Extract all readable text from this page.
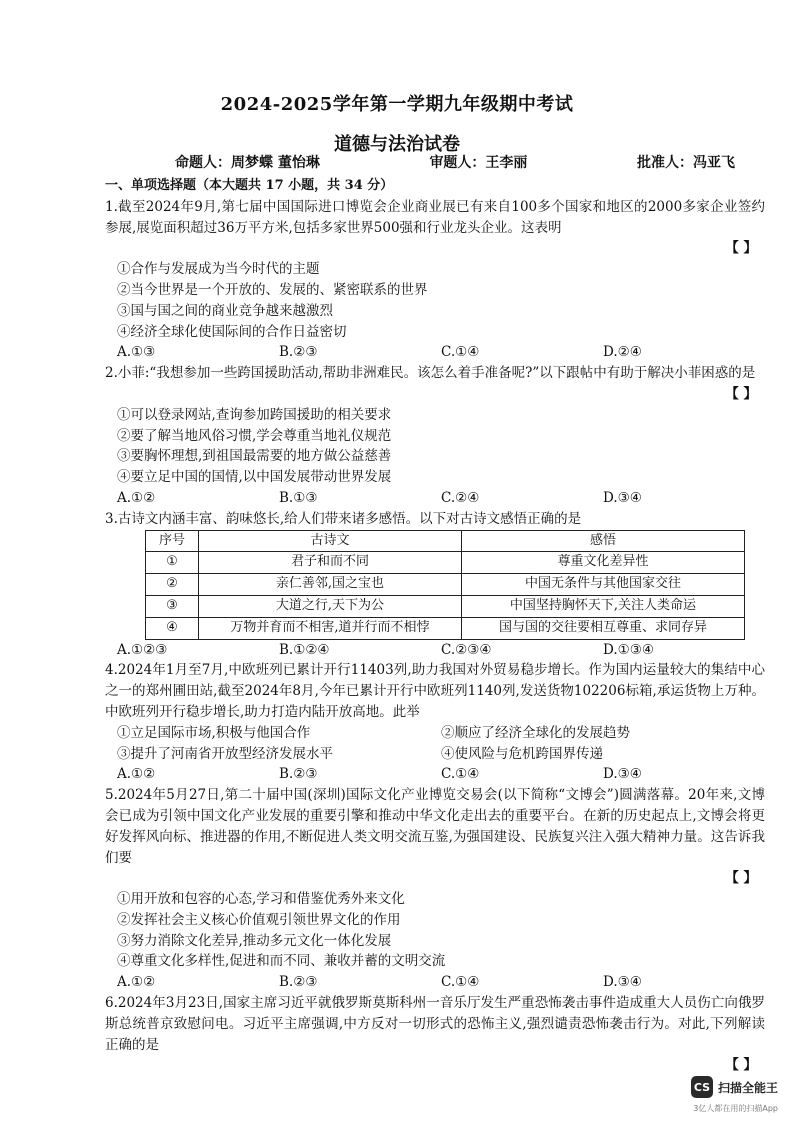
2024-2025学年第一学期九年级期中考试
道德与法治试卷
命题人：周梦蝶 董怡琳	审题人：王李丽	批准人：冯亚飞
一、单项选择题（本大题共 17 小题，共 34 分）
1.截至2024年9月,第七届中国国际进口博览会企业商业展已有来自100多个国家和地区的2000多家企业签约参展,展览面积超过36万平方米,包括多家世界500强和行业龙头企业。这表明
【 】
①合作与发展成为当今时代的主题
②当今世界是一个开放的、发展的、紧密联系的世界
③国与国之间的商业竞争越来越激烈
④经济全球化使国际间的合作日益密切
A.①③	B.②③	C.①④	D.②④
2.小菲:“我想参加一些跨国援助活动,帮助非洲难民。该怎么着手准备呢?”以下跟帖中有助于解决小菲困惑的是
【 】
①可以登录网站,查询参加跨国援助的相关要求
②要了解当地风俗习惯,学会尊重当地礼仪规范
③要胸怀理想,到祖国最需要的地方做公益慈善
④要立足中国的国情,以中国发展带动世界发展
A.①②	B.①③	C.②④	D.③④
3.古诗文内涵丰富、韵味悠长,给人们带来诸多感悟。以下对古诗文感悟正确的是
序号	古诗文	感悟
①	君子和而不同	尊重文化差异性
②	亲仁善邻,国之宝也	中国无条件与其他国家交往
③	大道之行,天下为公	中国坚持胸怀天下,关注人类命运
④	万物并育而不相害,道并行而不相悖	国与国的交往要相互尊重、求同存异
A.①②③	B.①②④	C.②③④	D.①③④
4.2024年1月至7月,中欧班列已累计开行11403列,助力我国对外贸易稳步增长。作为国内运量较大的集结中心之一的郑州圃田站,截至2024年8月,今年已累计开行中欧班列1140列,发送货物102206标箱,承运货物上万种。中欧班列开行稳步增长,助力打造内陆开放高地。此举
①立足国际市场,积极与他国合作	②顺应了经济全球化的发展趋势
③提升了河南省开放型经济发展水平	④使风险与危机跨国界传递
A.①②	B.②③	C.①④	D.③④
5.2024年5月27日,第二十届中国(深圳)国际文化产业博览交易会(以下简称“文博会”)圆满落幕。20年来,文博会已成为引领中国文化产业发展的重要引擎和推动中华文化走出去的重要平台。在新的历史起点上,文博会将更好发挥风向标、推进器的作用,不断促进人类文明交流互鉴,为强国建设、民族复兴注入强大精神力量。这告诉我们要
【 】
①用开放和包容的心态,学习和借鉴优秀外来文化
②发挥社会主义核心价值观引领世界文化的作用
③努力消除文化差异,推动多元文化一体化发展
④尊重文化多样性,促进和而不同、兼收并蓄的文明交流
A.①②	B.②③	C.①④	D.③④
6.2024年3月23日,国家主席习近平就俄罗斯莫斯科州一音乐厅发生严重恐怖袭击事件造成重大人员伤亡向俄罗斯总统普京致慰问电。习近平主席强调,中方反对一切形式的恐怖主义,强烈谴责恐怖袭击行为。对此,下列解读正确的是
【 】
CS 扫描全能王
3亿人都在用的扫描App
